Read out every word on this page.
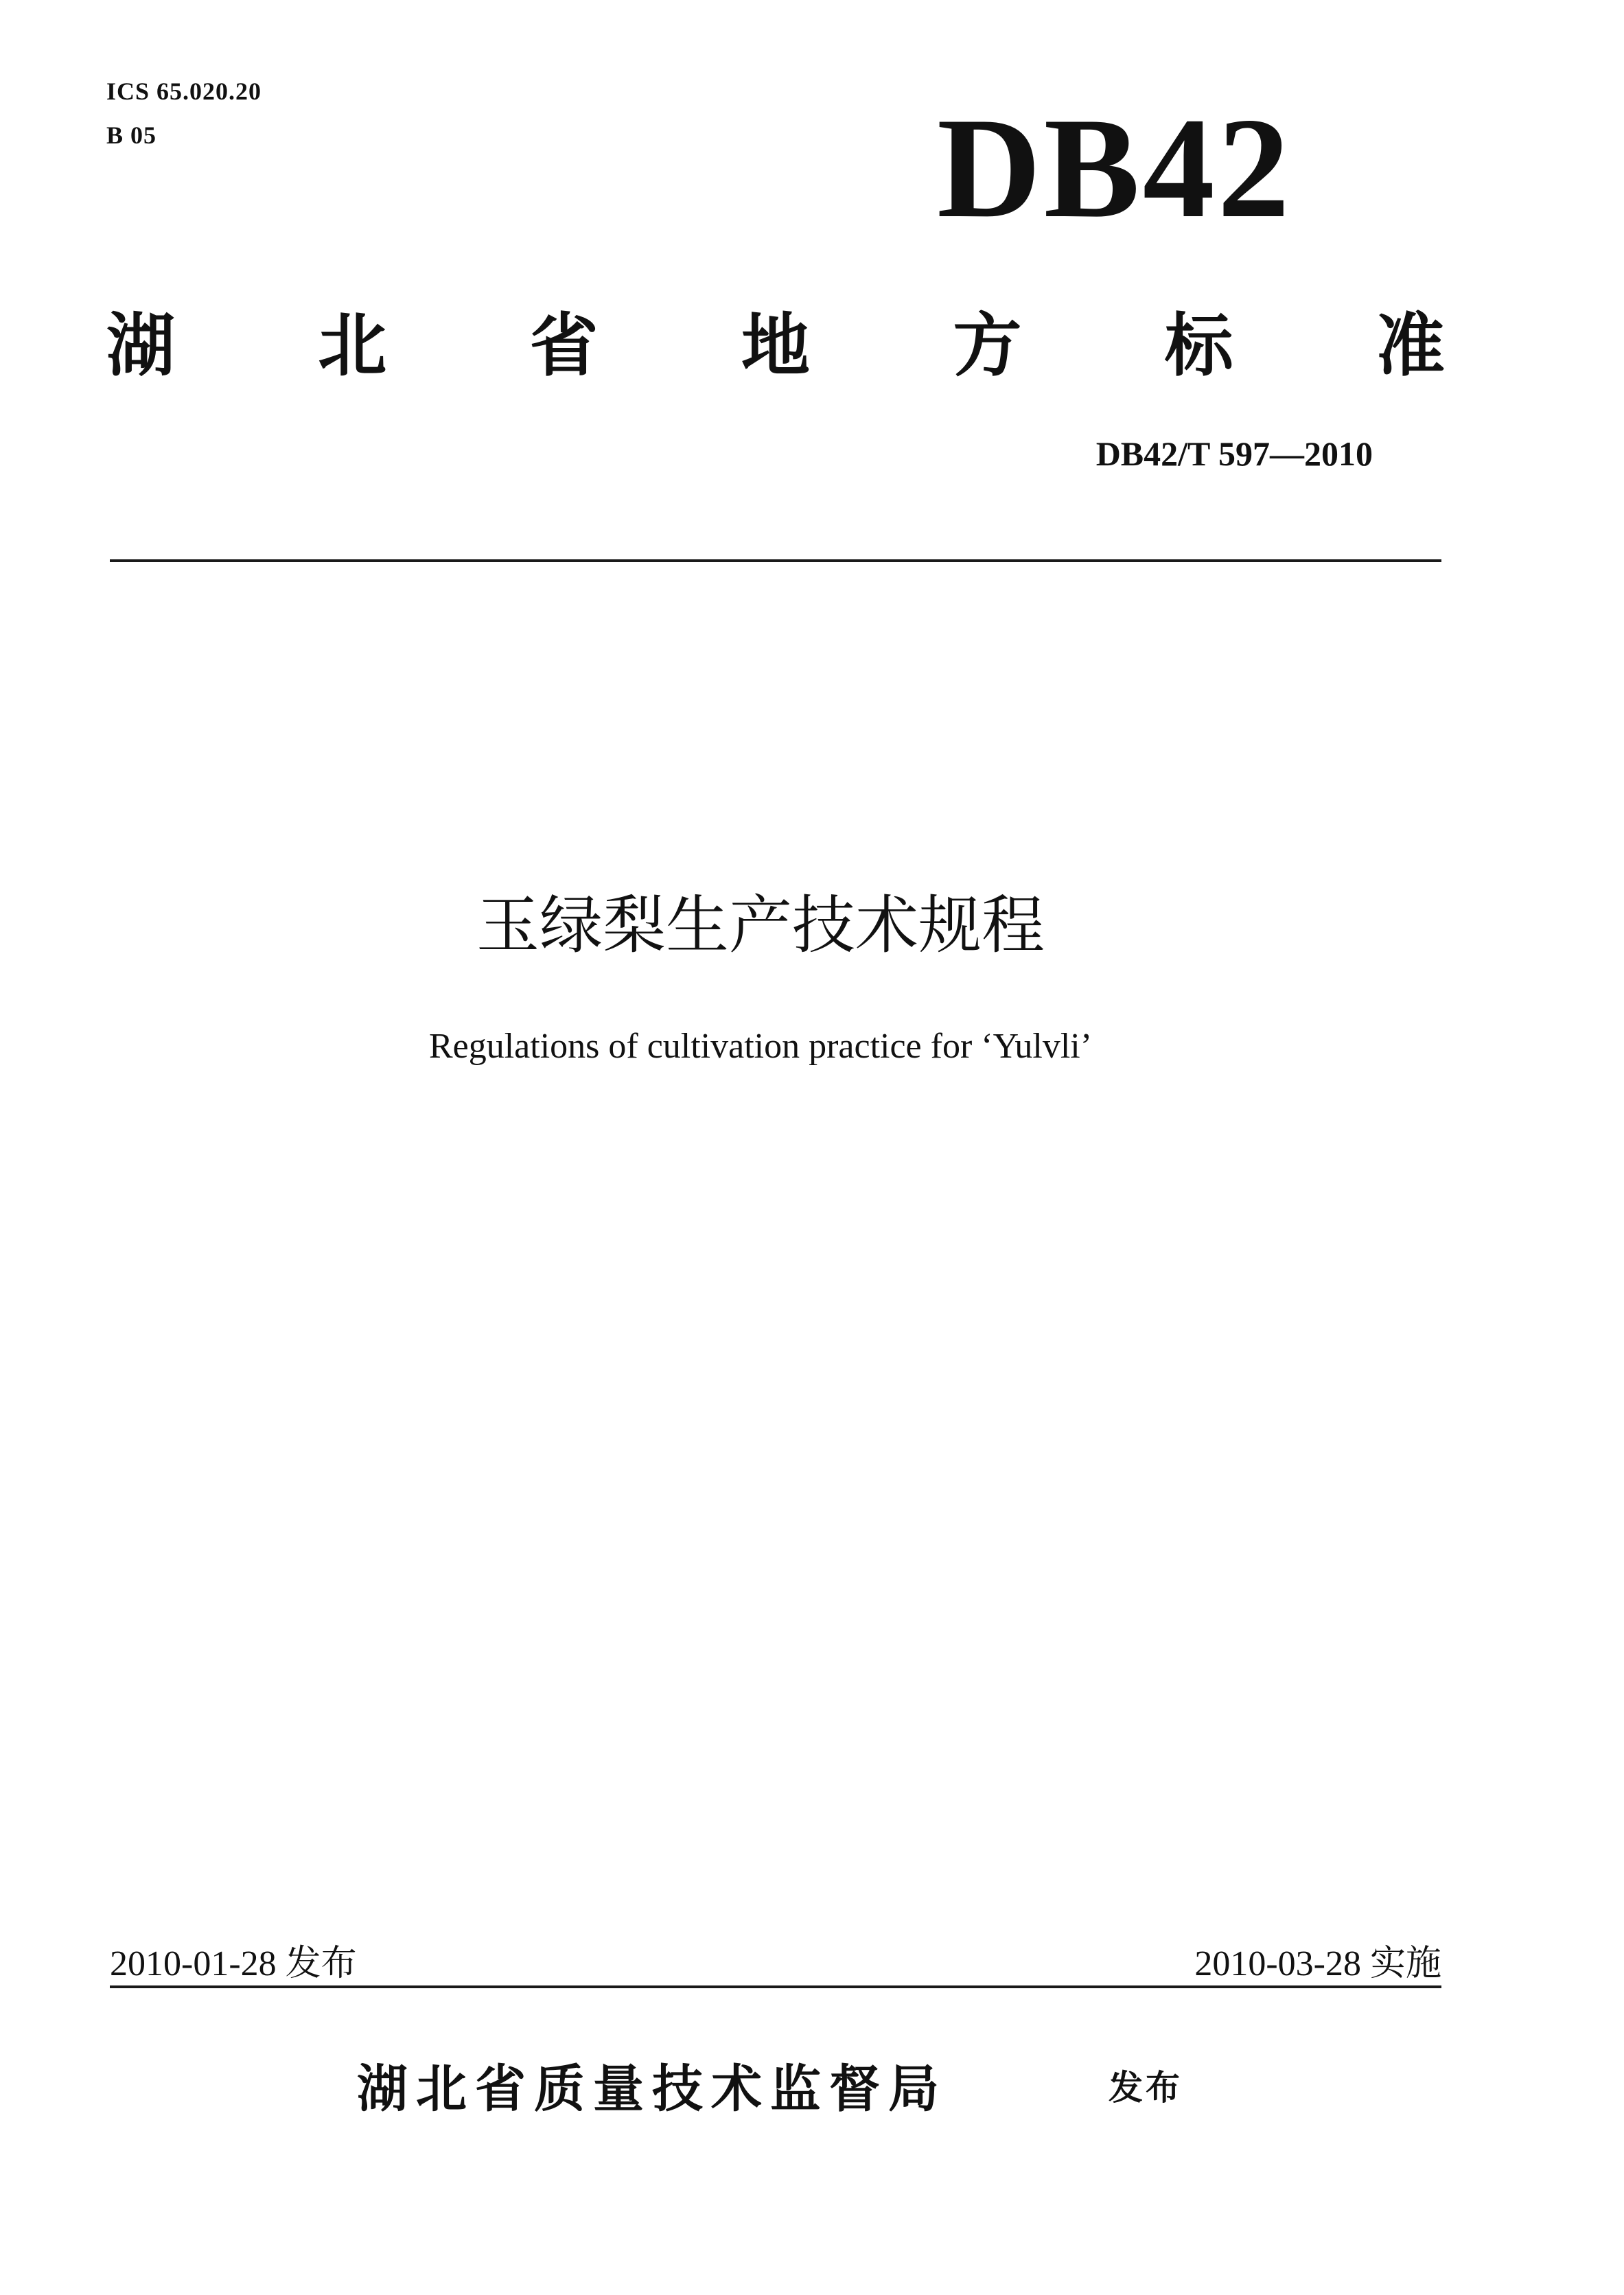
ICS 65.020.20
B 05	DB42
湖 北 省 地 方 标 准
DB42/T 597—2010
玉绿梨生产技术规程
Regulations of cultivation practice for ‘Yulvli’
2010-01-28 发布	2010-03-28 实施
湖北省质量技术监督局	发布
